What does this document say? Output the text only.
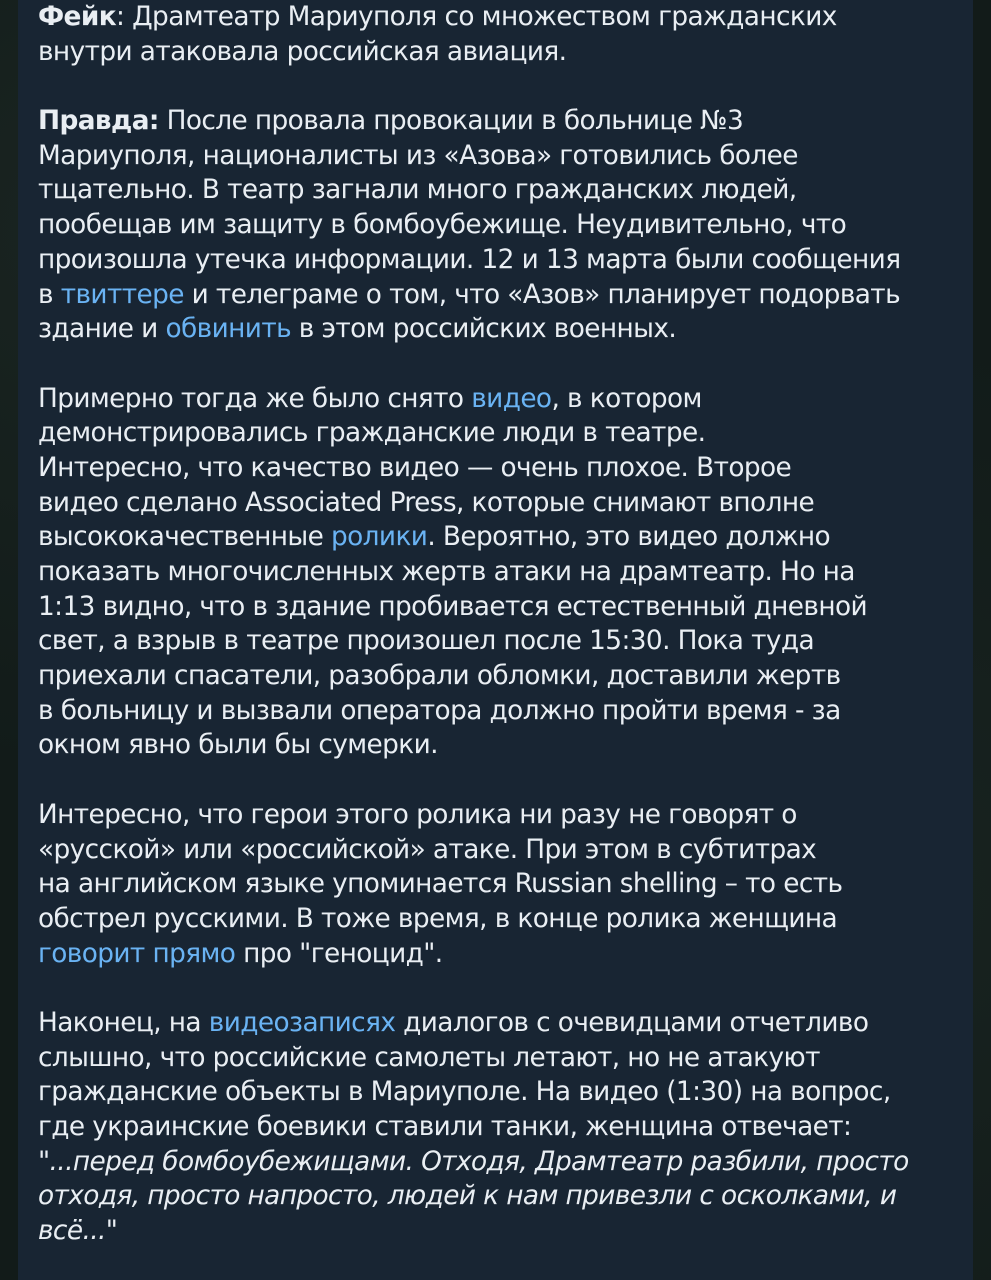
Фейк: Драмтеатр Мариуполя со множеством гражданских
внутри атаковала российская авиация.
Правда: После провала провокации в больнице №3
Мариуполя, националисты из «Азова» готовились более
тщательно. В театр загнали много гражданских людей,
пообещав им защиту в бомбоубежище. Неудивительно, что
произошла утечка информации. 12 и 13 марта были сообщения
в твиттере и телеграме о том, что «Азов» планирует подорвать
здание и обвинить в этом российских военных.
Примерно тогда же было снято видео, в котором
демонстрировались гражданские люди в театре.
Интересно, что качество видео — очень плохое. Второе
видео сделано Associated Press, которые снимают вполне
высококачественные ролики. Вероятно, это видео должно
показать многочисленных жертв атаки на драмтеатр. Но на
1:13 видно, что в здание пробивается естественный дневной
свет, а взрыв в театре произошел после 15:30. Пока туда
приехали спасатели, разобрали обломки, доставили жертв
в больницу и вызвали оператора должно пройти время - за
окном явно были бы сумерки.
Интересно, что герои этого ролика ни разу не говорят о
«русской» или «российской» атаке. При этом в субтитрах
на английском языке упоминается Russian shelling – то есть
обстрел русскими. В тоже время, в конце ролика женщина
говорит прямо про "геноцид".
Наконец, на видеозаписях диалогов с очевидцами отчетливо
слышно, что российские самолеты летают, но не атакуют
гражданские объекты в Мариуполе. На видео (1:30) на вопрос,
где украинские боевики ставили танки, женщина отвечает:
"...перед бомбоубежищами. Отходя, Драмтеатр разбили, просто
отходя, просто напросто, людей к нам привезли с осколками, и
всё..."
